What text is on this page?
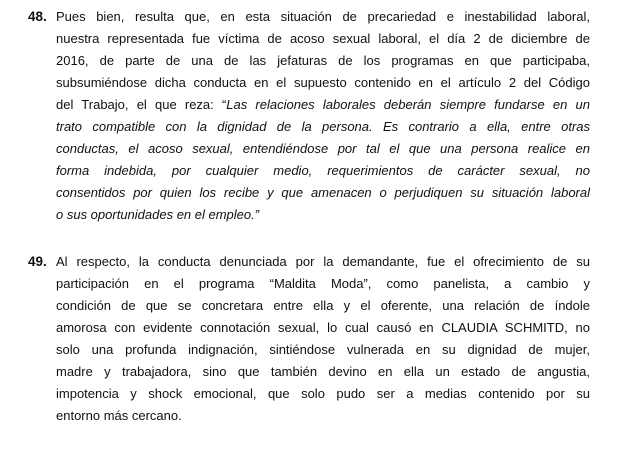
48. Pues bien, resulta que, en esta situación de precariedad e inestabilidad laboral,
nuestra representada fue víctima de acoso sexual laboral, el día 2 de diciembre de
2016, de parte de una de las jefaturas de los programas en que participaba,
subsumiéndose dicha conducta en el supuesto contenido en el artículo 2 del Código
del Trabajo, el que reza: “Las relaciones laborales deberán siempre fundarse en un
trato compatible con la dignidad de la persona. Es contrario a ella, entre otras
conductas, el acoso sexual, entendiéndose por tal el que una persona realice en
forma indebida, por cualquier medio, requerimientos de carácter sexual, no
consentidos por quien los recibe y que amenacen o perjudiquen su situación laboral
o sus oportunidades en el empleo.”
49. Al respecto, la conducta denunciada por la demandante, fue el ofrecimiento de su
participación en el programa “Maldita Moda”, como panelista, a cambio y
condición de que se concretara entre ella y el oferente, una relación de índole
amorosa con evidente connotación sexual, lo cual causó en CLAUDIA SCHMITD, no
solo una profunda indignación, sintiéndose vulnerada en su dignidad de mujer,
madre y trabajadora, sino que también devino en ella un estado de angustia,
impotencia y shock emocional, que solo pudo ser a medias contenido por su
entorno más cercano.
